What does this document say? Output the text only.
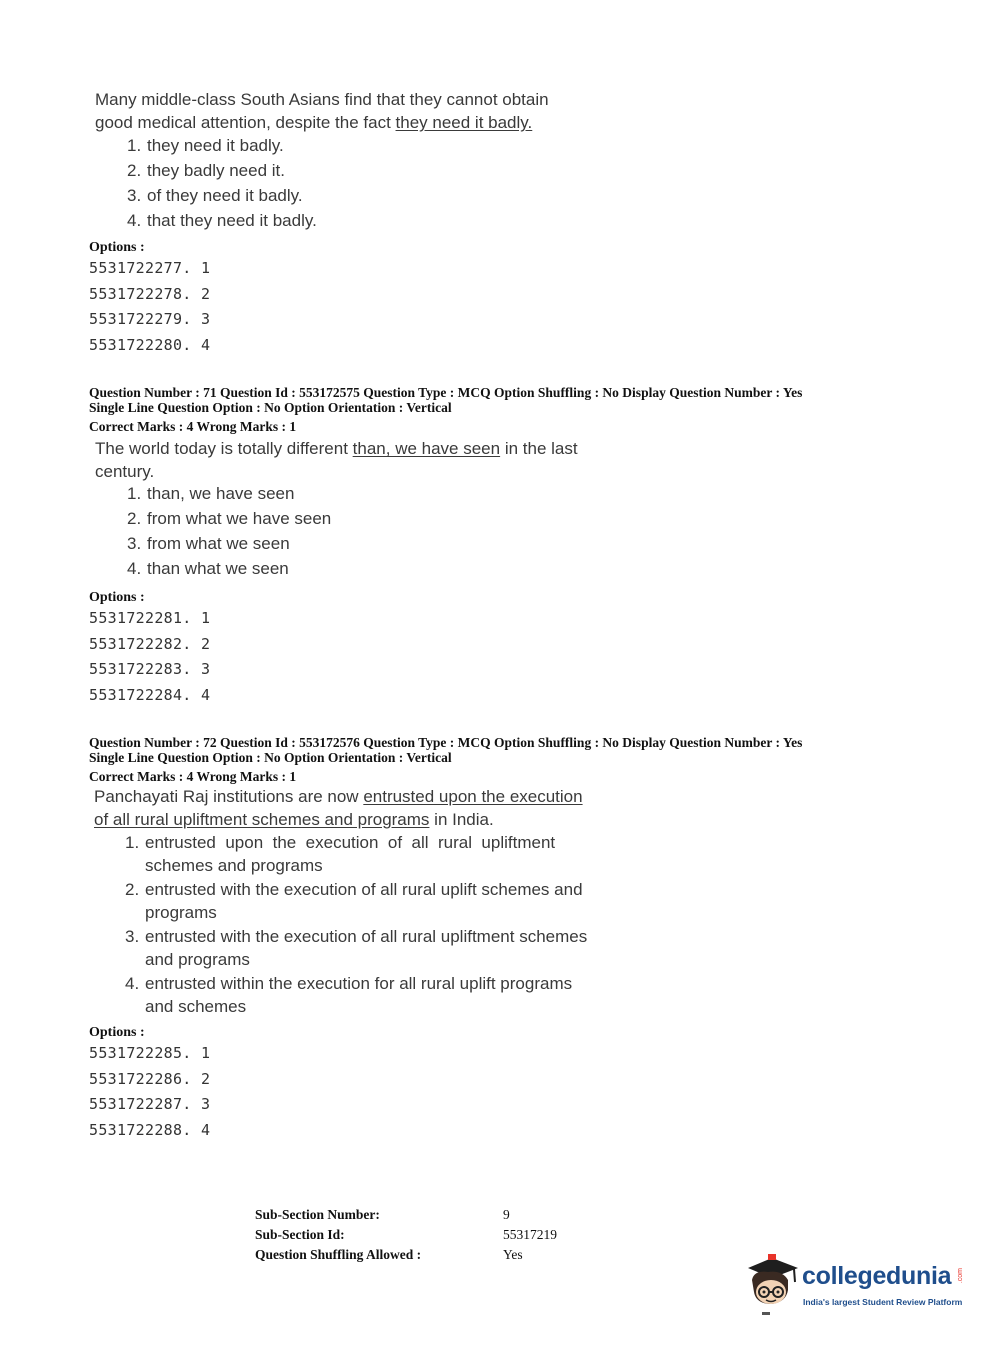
Many middle-class South Asians find that they cannot obtain
good medical attention, despite the fact they need it badly.
1. they need it badly.
2. they badly need it.
3. of they need it badly.
4. that they need it badly.
Options :
5531722277. 1
5531722278. 2
5531722279. 3
5531722280. 4
Question Number : 71 Question Id : 553172575 Question Type : MCQ Option Shuffling : No Display Question Number : Yes
Single Line Question Option : No Option Orientation : Vertical
Correct Marks : 4 Wrong Marks : 1
The world today is totally different than, we have seen in the last
century.
1. than, we have seen
2. from what we have seen
3. from what we seen
4. than what we seen
Options :
5531722281. 1
5531722282. 2
5531722283. 3
5531722284. 4
Question Number : 72 Question Id : 553172576 Question Type : MCQ Option Shuffling : No Display Question Number : Yes
Single Line Question Option : No Option Orientation : Vertical
Correct Marks : 4 Wrong Marks : 1
Panchayati Raj institutions are now entrusted upon the execution
of all rural upliftment schemes and programs in India.
1. entrusted  upon  the  execution  of  all  rural  upliftment
schemes and programs
2. entrusted with the execution of all rural uplift schemes and
programs
3. entrusted with the execution of all rural upliftment schemes
and programs
4. entrusted within the execution for all rural uplift programs
and schemes
Options :
5531722285. 1
5531722286. 2
5531722287. 3
5531722288. 4
Sub-Section Number:	9
Sub-Section Id:	55317219
Question Shuffling Allowed :	Yes
collegedunia .com
India's largest Student Review Platform
